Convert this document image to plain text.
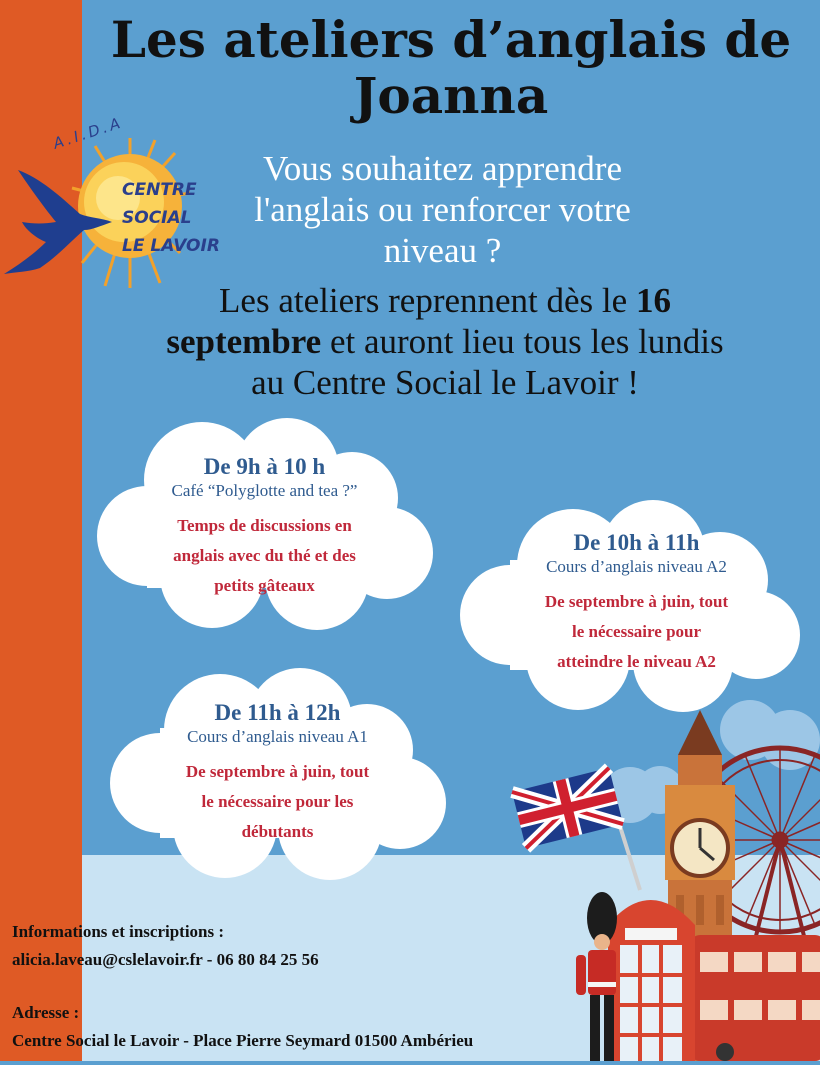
Les ateliers d’anglais de
Joanna
A.I.D.A
CENTRE
SOCIAL
LE LAVOIR
Vous souhaitez apprendre
l'anglais ou renforcer votre
niveau ?
Les ateliers reprennent dès le 16
septembre et auront lieu tous les lundis
au Centre Social le Lavoir !
De 9h à 10 h
Café “Polyglotte and tea ?”
Temps de discussions en
anglais avec du thé et des
petits gâteaux
De 10h à 11h
Cours d’anglais niveau A2
De septembre à juin, tout
le nécessaire pour
atteindre le niveau A2
De 11h à 12h
Cours d’anglais niveau A1
De septembre à juin, tout
le nécessaire pour les
débutants
Informations et inscriptions :
alicia.laveau@cslelavoir.fr - 06 80 84 25 56
Adresse :
Centre Social le Lavoir - Place Pierre Seymard 01500 Ambérieu
